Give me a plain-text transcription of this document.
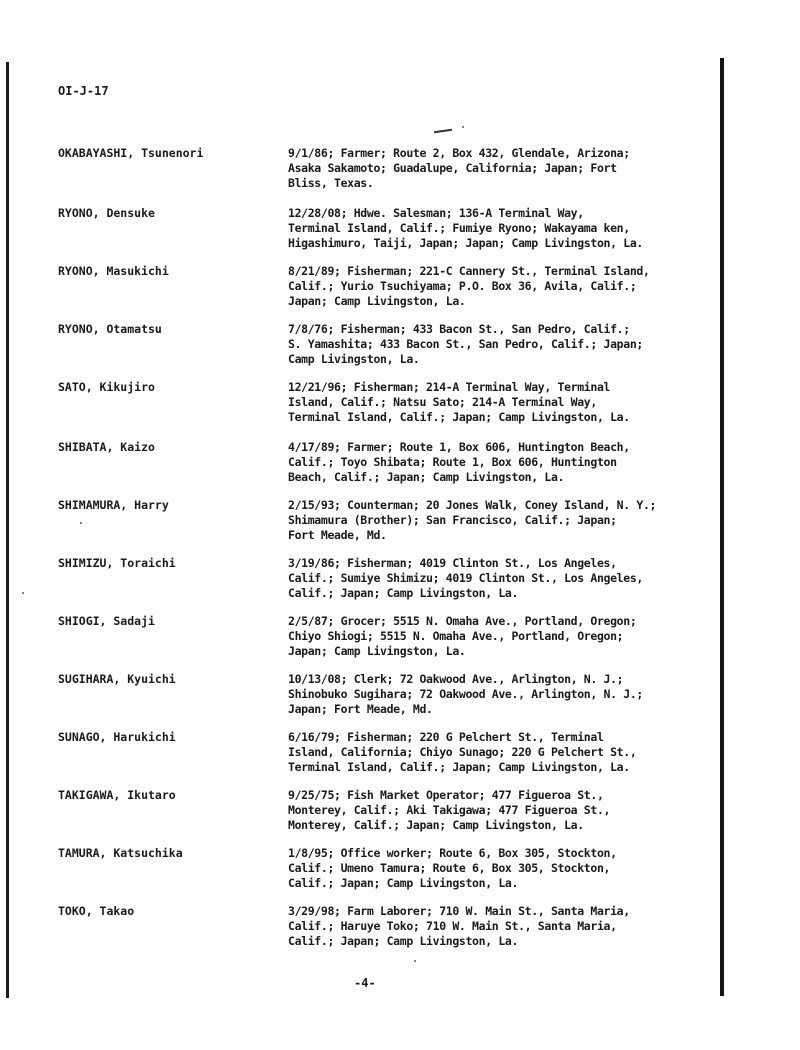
OI-J-17
OKABAYASHI, Tsunenori	9/1/86; Farmer; Route 2, Box 432, Glendale, Arizona;
Asaka Sakamoto; Guadalupe, California; Japan; Fort
Bliss, Texas.
RYONO, Densuke	12/28/08; Hdwe. Salesman; 136-A Terminal Way,
Terminal Island, Calif.; Fumiye Ryono; Wakayama ken,
Higashimuro, Taiji, Japan; Japan; Camp Livingston, La.
RYONO, Masukichi	8/21/89; Fisherman; 221-C Cannery St., Terminal Island,
Calif.; Yurio Tsuchiyama; P.O. Box 36, Avila, Calif.;
Japan; Camp Livingston, La.
RYONO, Otamatsu	7/8/76; Fisherman; 433 Bacon St., San Pedro, Calif.;
S. Yamashita; 433 Bacon St., San Pedro, Calif.; Japan;
Camp Livingston, La.
SATO, Kikujiro	12/21/96; Fisherman; 214-A Terminal Way, Terminal
Island, Calif.; Natsu Sato; 214-A Terminal Way,
Terminal Island, Calif.; Japan; Camp Livingston, La.
SHIBATA, Kaizo	4/17/89; Farmer; Route 1, Box 606, Huntington Beach,
Calif.; Toyo Shibata; Route 1, Box 606, Huntington
Beach, Calif.; Japan; Camp Livingston, La.
SHIMAMURA, Harry	2/15/93; Counterman; 20 Jones Walk, Coney Island, N. Y.;
Shimamura (Brother); San Francisco, Calif.; Japan;
Fort Meade, Md.
SHIMIZU, Toraichi	3/19/86; Fisherman; 4019 Clinton St., Los Angeles,
Calif.; Sumiye Shimizu; 4019 Clinton St., Los Angeles,
Calif.; Japan; Camp Livingston, La.
SHIOGI, Sadaji	2/5/87; Grocer; 5515 N. Omaha Ave., Portland, Oregon;
Chiyo Shiogi; 5515 N. Omaha Ave., Portland, Oregon;
Japan; Camp Livingston, La.
SUGIHARA, Kyuichi	10/13/08; Clerk; 72 Oakwood Ave., Arlington, N. J.;
Shinobuko Sugihara; 72 Oakwood Ave., Arlington, N. J.;
Japan; Fort Meade, Md.
SUNAGO, Harukichi	6/16/79; Fisherman; 220 G Pelchert St., Terminal
Island, California; Chiyo Sunago; 220 G Pelchert St.,
Terminal Island, Calif.; Japan; Camp Livingston, La.
TAKIGAWA, Ikutaro	9/25/75; Fish Market Operator; 477 Figueroa St.,
Monterey, Calif.; Aki Takigawa; 477 Figueroa St.,
Monterey, Calif.; Japan; Camp Livingston, La.
TAMURA, Katsuchika	1/8/95; Office worker; Route 6, Box 305, Stockton,
Calif.; Umeno Tamura; Route 6, Box 305, Stockton,
Calif.; Japan; Camp Livingston, La.
TOKO, Takao	3/29/98; Farm Laborer; 710 W. Main St., Santa Maria,
Calif.; Haruye Toko; 710 W. Main St., Santa Maria,
Calif.; Japan; Camp Livingston, La.
-4-
